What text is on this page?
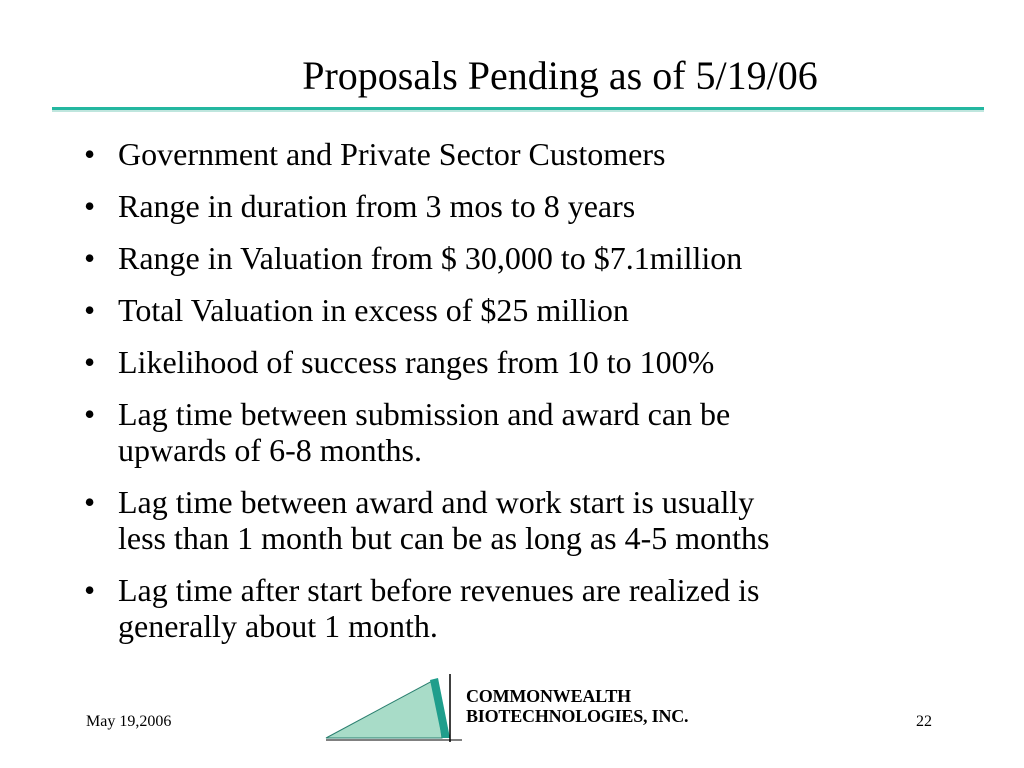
Proposals Pending as of 5/19/06
• Government and Private Sector Customers
• Range in duration from 3 mos to 8 years
• Range in Valuation from $ 30,000 to $7.1million
• Total Valuation in excess of $25 million
• Likelihood of success ranges from 10 to 100%
• Lag time between submission and award can be
upwards of 6-8 months.
• Lag time between award and work start is usually
less than 1 month but can be as long as 4-5 months
• Lag time after start before revenues are realized is
generally about 1 month.
COMMONWEALTH
BIOTECHNOLOGIES, INC.
May 19,2006	22
